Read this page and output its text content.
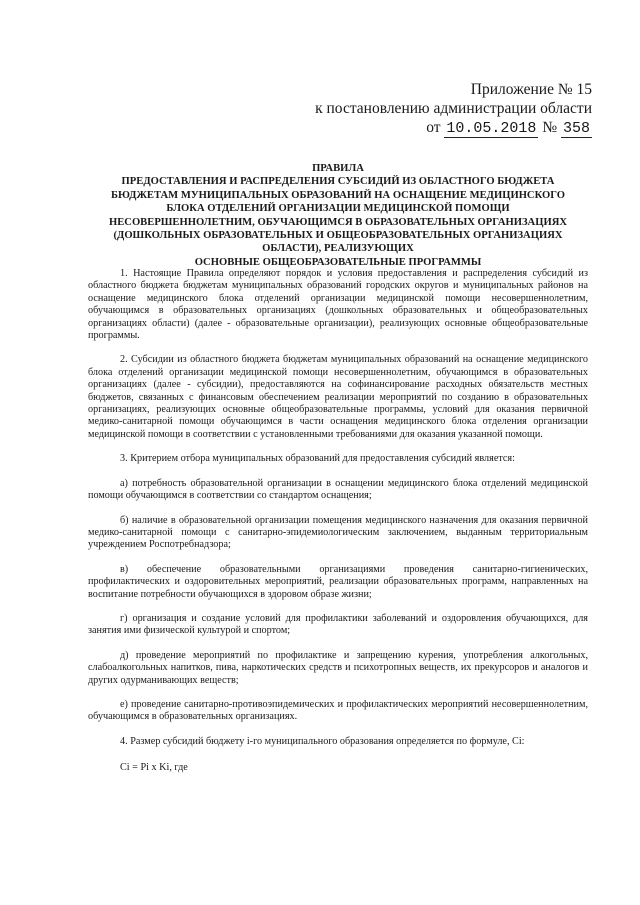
Приложение № 15
к постановлению администрации области
от 10.05.2018 № 358
ПРАВИЛА
ПРЕДОСТАВЛЕНИЯ И РАСПРЕДЕЛЕНИЯ СУБСИДИЙ ИЗ ОБЛАСТНОГО БЮДЖЕТА
БЮДЖЕТАМ МУНИЦИПАЛЬНЫХ ОБРАЗОВАНИЙ НА ОСНАЩЕНИЕ МЕДИЦИНСКОГО
БЛОКА ОТДЕЛЕНИЙ ОРГАНИЗАЦИИ МЕДИЦИНСКОЙ ПОМОЩИ
НЕСОВЕРШЕННОЛЕТНИМ, ОБУЧАЮЩИМСЯ В ОБРАЗОВАТЕЛЬНЫХ ОРГАНИЗАЦИЯХ
(ДОШКОЛЬНЫХ ОБРАЗОВАТЕЛЬНЫХ И ОБЩЕОБРАЗОВАТЕЛЬНЫХ ОРГАНИЗАЦИЯХ
ОБЛАСТИ), РЕАЛИЗУЮЩИХ
ОСНОВНЫЕ ОБЩЕОБРАЗОВАТЕЛЬНЫЕ ПРОГРАММЫ

1. Настоящие Правила определяют порядок и условия предоставления и распределения субсидий из областного бюджета бюджетам муниципальных образований городских округов и муниципальных районов на оснащение медицинского блока отделений организации медицинской помощи несовершеннолетним, обучающимся в образовательных организациях (дошкольных образовательных и общеобразовательных организациях области) (далее - образовательные организации), реализующих основные общеобразовательные программы.

2. Субсидии из областного бюджета бюджетам муниципальных образований на оснащение медицинского блока отделений организации медицинской помощи несовершеннолетним, обучающимся в образовательных организациях (далее - субсидии), предоставляются на софинансирование расходных обязательств местных бюджетов, связанных с финансовым обеспечением реализации мероприятий по созданию в образовательных организациях, реализующих основные общеобразовательные программы, условий для оказания первичной медико-санитарной помощи обучающимся в части оснащения медицинского блока отделения организации медицинской помощи в соответствии с установленными требованиями для оказания указанной помощи.

3. Критерием отбора муниципальных образований для предоставления субсидий является:

а) потребность образовательной организации в оснащении медицинского блока отделений медицинской помощи обучающимся в соответствии со стандартом оснащения;

б) наличие в образовательной организации помещения медицинского назначения для оказания первичной медико-санитарной помощи с санитарно-эпидемиологическим заключением, выданным территориальным учреждением Роспотребнадзора;

в) обеспечение образовательными организациями проведения санитарно-гигиенических, профилактических и оздоровительных мероприятий, реализации образовательных программ, направленных на воспитание потребности обучающихся в здоровом образе жизни;

г) организация и создание условий для профилактики заболеваний и оздоровления обучающихся, для занятия ими физической культурой и спортом;

д) проведение мероприятий по профилактике и запрещению курения, употребления алкогольных, слабоалкогольных напитков, пива, наркотических средств и психотропных веществ, их прекурсоров и аналогов и других одурманивающих веществ;

е) проведение санитарно-противоэпидемических и профилактических мероприятий несовершеннолетним, обучающимся в образовательных организациях.

4. Размер субсидий бюджету i-го муниципального образования определяется по формуле, Ci:

Ci = Pi x Ki, где
